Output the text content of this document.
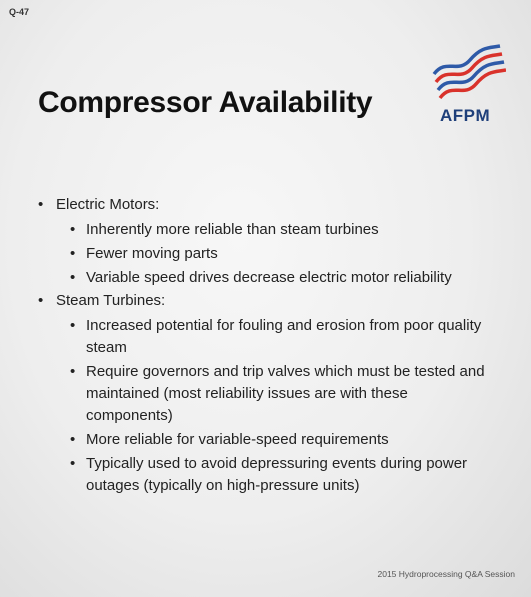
Q-47
Compressor Availability	AFPM
• Electric Motors:
• Inherently more reliable than steam turbines
• Fewer moving parts
• Variable speed drives decrease electric motor reliability
• Steam Turbines:
• Increased potential for fouling and erosion from poor quality steam
• Require governors and trip valves which must be tested and maintained (most reliability issues are with these components)
• More reliable for variable-speed requirements
• Typically used to avoid depressuring events during power outages (typically on high-pressure units)
2015 Hydroprocessing Q&A Session
